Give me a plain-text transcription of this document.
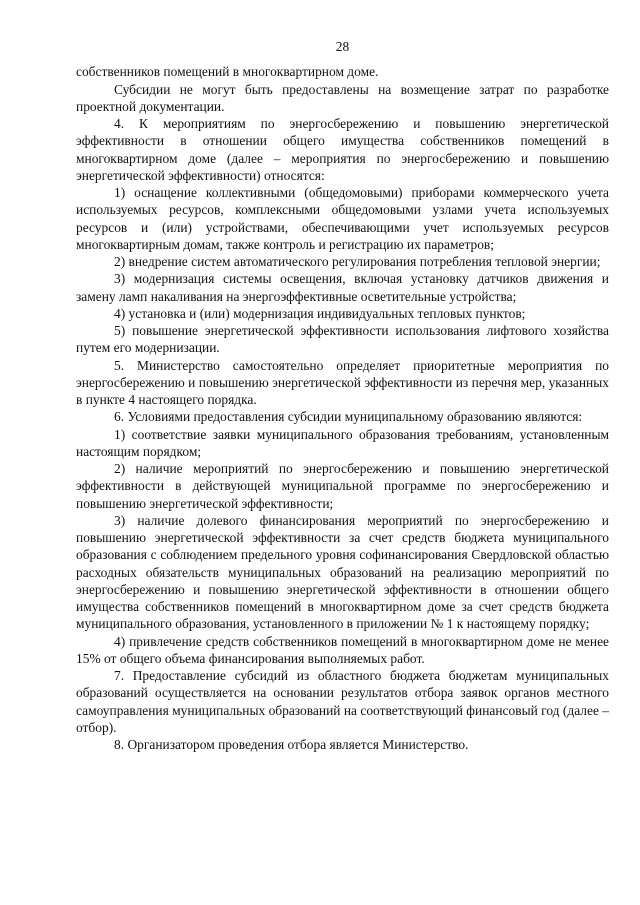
28

собственников помещений в многоквартирном доме.

Субсидии не могут быть предоставлены на возмещение затрат по разработке проектной документации.

4. К мероприятиям по энергосбережению и повышению энергетической эффективности в отношении общего имущества собственников помещений в многоквартирном доме (далее – мероприятия по энергосбережению и повышению энергетической эффективности) относятся:

1) оснащение коллективными (общедомовыми) приборами коммерческого учета используемых ресурсов, комплексными общедомовыми узлами учета используемых ресурсов и (или) устройствами, обеспечивающими учет используемых ресурсов многоквартирным домам, также контроль и регистрацию их параметров;

2) внедрение систем автоматического регулирования потребления тепловой энергии;

3) модернизация системы освещения, включая установку датчиков движения и замену ламп накаливания на энергоэффективные осветительные устройства;

4) установка и (или) модернизация индивидуальных тепловых пунктов;

5) повышение энергетической эффективности использования лифтового хозяйства путем его модернизации.

5. Министерство самостоятельно определяет приоритетные мероприятия по энергосбережению и повышению энергетической эффективности из перечня мер, указанных в пункте 4 настоящего порядка.

6. Условиями предоставления субсидии муниципальному образованию являются:

1) соответствие заявки муниципального образования требованиям, установленным настоящим порядком;

2) наличие мероприятий по энергосбережению и повышению энергетической эффективности в действующей муниципальной программе по энергосбережению и повышению энергетической эффективности;

3) наличие долевого финансирования мероприятий по энергосбережению и повышению энергетической эффективности за счет средств бюджета муниципального образования с соблюдением предельного уровня софинансирования Свердловской областью расходных обязательств муниципальных образований на реализацию мероприятий по энергосбережению и повышению энергетической эффективности в отношении общего имущества собственников помещений в многоквартирном доме за счет средств бюджета муниципального образования, установленного в приложении № 1 к настоящему порядку;

4) привлечение средств собственников помещений в многоквартирном доме не менее 15% от общего объема финансирования выполняемых работ.

7. Предоставление субсидий из областного бюджета бюджетам муниципальных образований осуществляется на основании результатов отбора заявок органов местного самоуправления муниципальных образований на соответствующий финансовый год (далее – отбор).

8. Организатором проведения отбора является Министерство.
